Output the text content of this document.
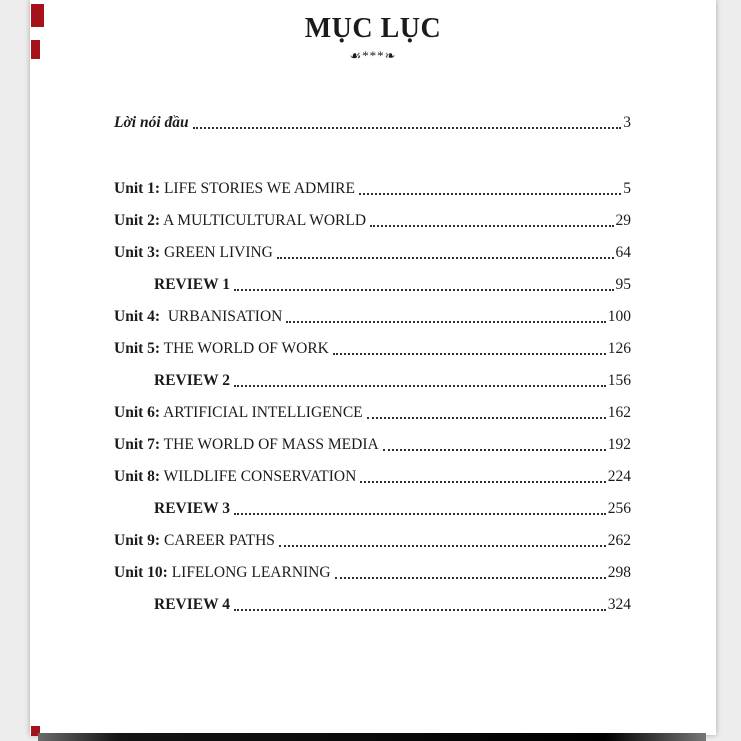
MỤC LỤC
☙***❧
Lời nói đầu	3
Unit 1: LIFE STORIES WE ADMIRE	5
Unit 2: A MULTICULTURAL WORLD	29
Unit 3: GREEN LIVING	64
REVIEW 1	95
Unit 4: URBANISATION	100
Unit 5: THE WORLD OF WORK	126
REVIEW 2	156
Unit 6: ARTIFICIAL INTELLIGENCE	162
Unit 7: THE WORLD OF MASS MEDIA	192
Unit 8: WILDLIFE CONSERVATION	224
REVIEW 3	256
Unit 9: CAREER PATHS	262
Unit 10: LIFELONG LEARNING	298
REVIEW 4	324
